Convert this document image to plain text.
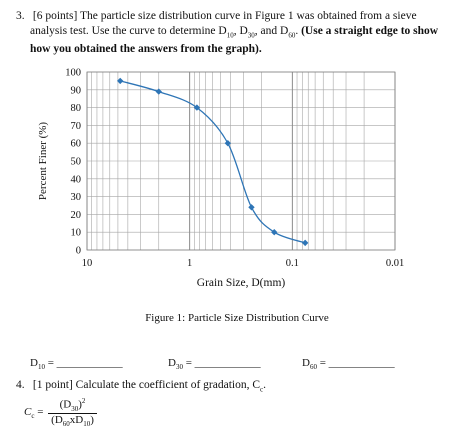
3. [6 points] The particle size distribution curve in Figure 1 was obtained from a sieve
analysis test. Use the curve to determine $D_{10}$, $D_{30}$, and $D_{60}$. (Use a straight edge to show
how you obtained the answers from the graph).
0
10
20
30
40
50
60
70
80
90
100
10	1	0.1	0.01
Grain Size, D(mm)
Percent Finer (%)
Figure 1: Particle Size Distribution Curve
$D_{10}$ = ____________	$D_{30}$ = ____________	$D_{60}$ = ____________
4. [1 point] Calculate the coefficient of gradation, $C_c$.
$C_c = \frac{(D_{30})^2}{(D_{60}xD_{10})}$
